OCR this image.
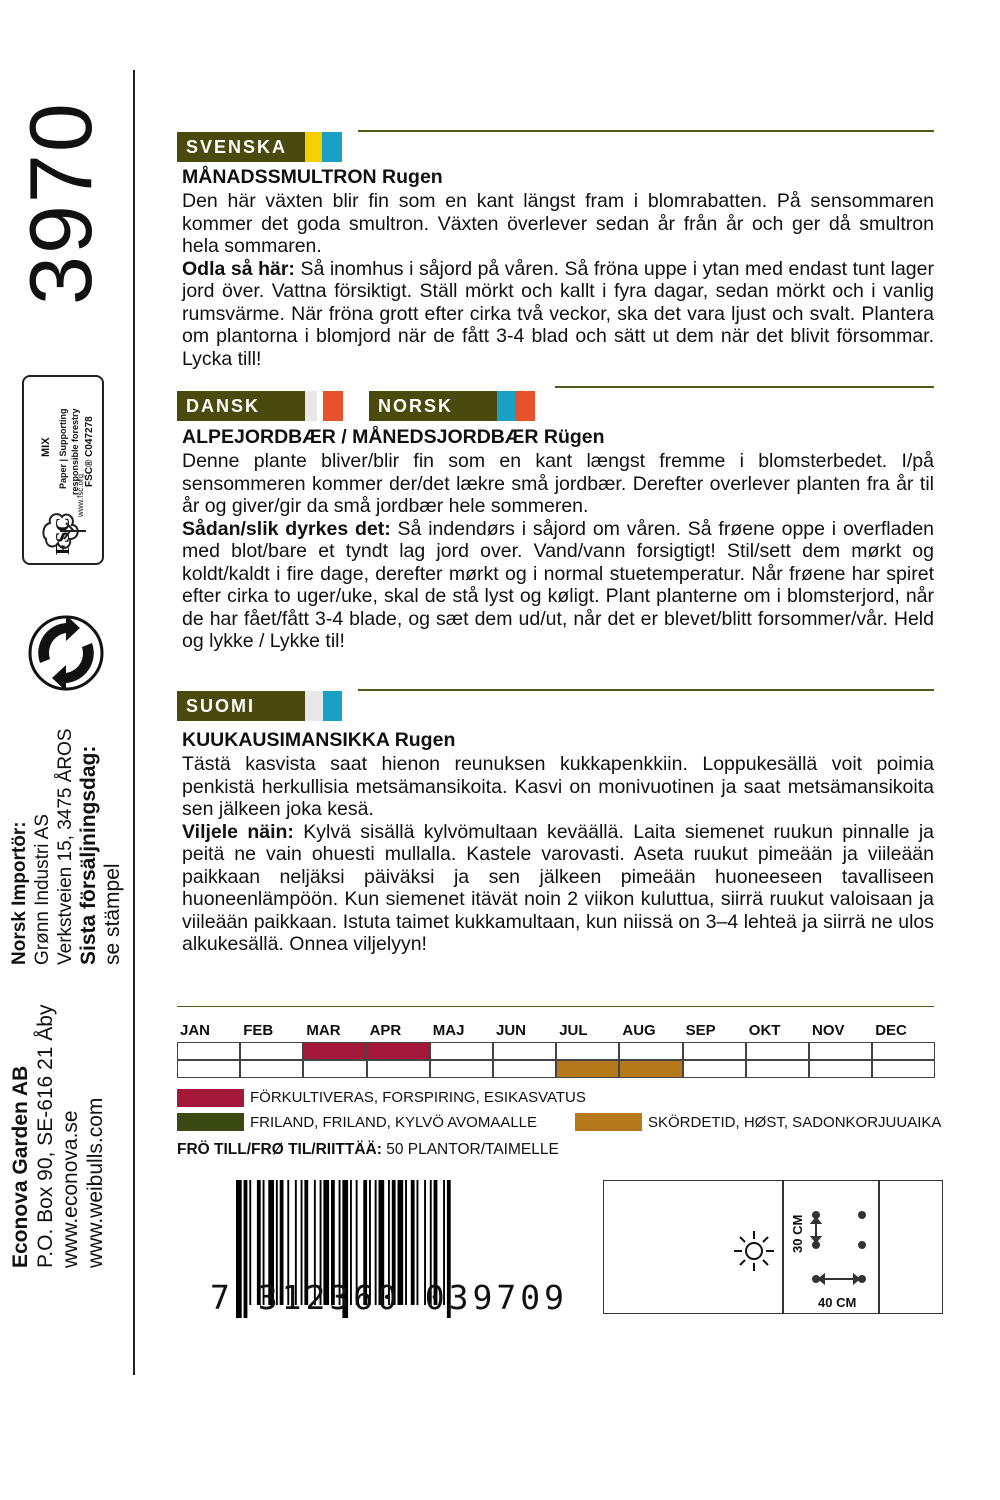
3970
FSC
www.fsc.org
MIX Paper | Supporting responsible forestry FSC® C047278
Norsk Importör: Grønn Industri AS Verkstveien 15, 3475 ÅROS Sista försäljningsdag: se stämpel
Econova Garden AB P.O. Box 90, SE-616 21 Åby www.econova.se www.weibulls.com
SVENSKA
MÅNADSSMULTRON Rugen
Den här växten blir fin som en kant längst fram i blomrabatten. På sensommaren kommer det goda smultron. Växten överlever sedan år från år och ger då smultron hela sommaren.
Odla så här: Så inomhus i såjord på våren. Så fröna uppe i ytan med endast tunt lager jord över. Vattna försiktigt. Ställ mörkt och kallt i fyra dagar, sedan mörkt och i vanlig rumsvärme. När fröna grott efter cirka två veckor, ska det vara ljust och svalt. Plantera om plantorna i blomjord när de fått 3-4 blad och sätt ut dem när det blivit försommar. Lycka till!
DANSK	NORSK
ALPEJORDBÆR / MÅNEDSJORDBÆR Rügen
Denne plante bliver/blir fin som en kant længst fremme i blomsterbedet. I/på sensommeren kommer der/det lækre små jordbær. Derefter overlever planten fra år til år og giver/gir da små jordbær hele sommeren.
Sådan/slik dyrkes det: Så indendørs i såjord om våren. Så frøene oppe i overfladen med blot/bare et tyndt lag jord over. Vand/vann forsigtigt! Stil/sett dem mørkt og koldt/kaldt i fire dage, derefter mørkt og i normal stuetemperatur. Når frøene har spiret efter cirka to uger/uke, skal de stå lyst og køligt. Plant planterne om i blomsterjord, når de har fået/fått 3-4 blade, og sæt dem ud/ut, når det er blevet/blitt forsommer/vår. Held og lykke / Lykke til!
SUOMI
KUUKAUSIMANSIKKA Rugen
Tästä kasvista saat hienon reunuksen kukkapenkkiin. Loppukesällä voit poimia penkistä herkullisia metsämansikoita. Kasvi on monivuotinen ja saat metsämansikoita sen jälkeen joka kesä.
Viljele näin: Kylvä sisällä kylvömultaan keväällä. Laita siemenet ruukun pinnalle ja peitä ne vain ohuesti mullalla. Kastele varovasti. Aseta ruukut pimeään ja viileään paikkaan neljäksi päiväksi ja sen jälkeen pimeään huoneeseen tavalliseen huoneenlämpöön. Kun siemenet itävät noin 2 viikon kuluttua, siirrä ruukut valoisaan ja viileään paikkaan. Istuta taimet kukkamultaan, kun niissä on 3–4 lehteä ja siirrä ne ulos alkukesällä. Onnea viljelyyn!
JAN FEB MAR APR MAJ JUN JUL AUG SEP OKT NOV DEC
FÖRKULTIVERAS, FORSPIRING, ESIKASVATUS
FRILAND, FRILAND, KYLVÖ AVOMAALLE	SKÖRDETID, HØST, SADONKORJUUAIKA
FRÖ TILL/FRØ TIL/RIITTÄÄ: 50 PLANTOR/TAIMELLE
7 312360 039709
30 CM
40 CM
